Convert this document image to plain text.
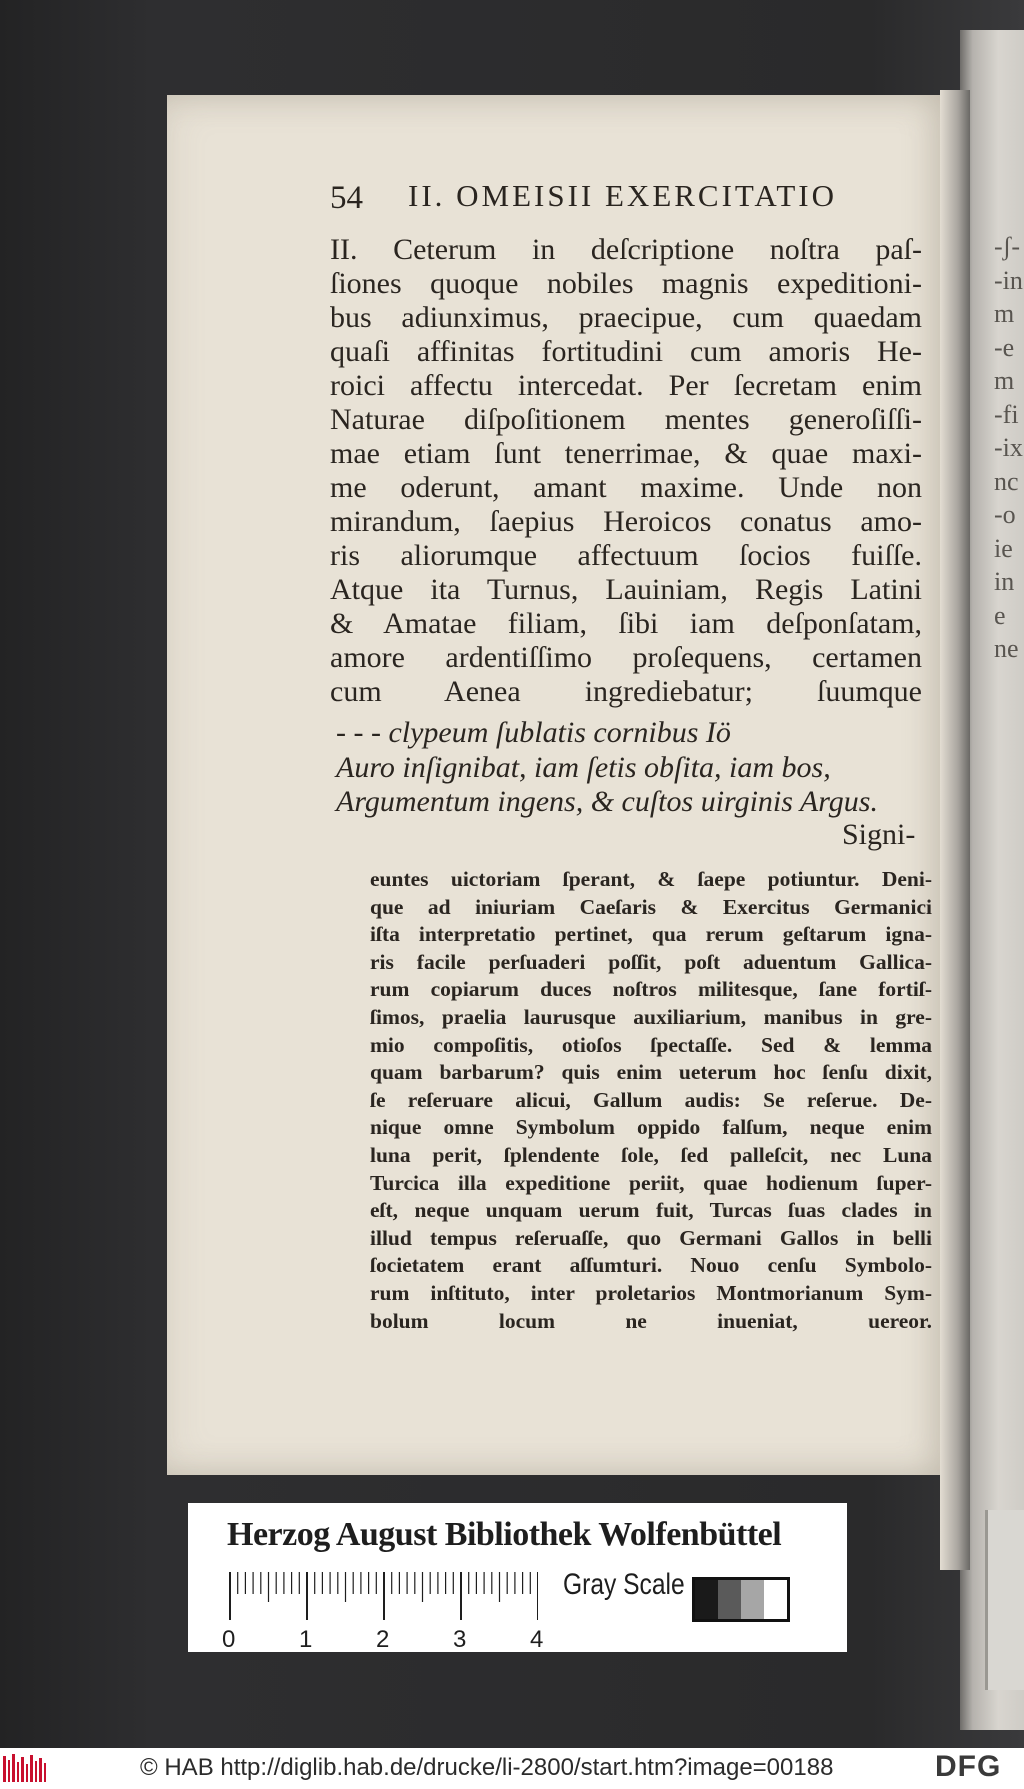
-ʃ-
-in
m
-e
m
-fi
-ix
nc
-o
ie
in
e
ne
54 II. OMEISII EXERCITATIO
II. Ceterum in deſcriptione noſtra paſ-
ſiones quoque nobiles magnis expeditioni-
bus adiunximus, praecipue, cum quaedam
quaſi affinitas fortitudini cum amoris He-
roici affectu intercedat. Per ſecretam enim
Naturae diſpoſitionem mentes generoſiſſi-
mae etiam ſunt tenerrimae, & quae maxi-
me oderunt, amant maxime. Unde non
mirandum, ſaepius Heroicos conatus amo-
ris aliorumque affectuum ſocios fuiſſe.
Atque ita Turnus, Lauiniam, Regis Latini
& Amatae filiam, ſibi iam deſponſatam,
amore ardentiſſimo proſequens, certamen
cum Aenea ingrediebatur; ſuumque
- - - clypeum ſublatis cornibus Iö
Auro inſignibat, iam ſetis obſita, iam bos,
Argumentum ingens, & cuſtos uirginis Argus.
Signi-
euntes uictoriam ſperant, & ſaepe potiuntur. Deni-
que ad iniuriam Caeſaris & Exercitus Germanici
iſta interpretatio pertinet, qua rerum geſtarum igna-
ris facile perſuaderi poſſit, poſt aduentum Gallica-
rum copiarum duces noſtros militesque, ſane fortiſ-
ſimos, praelia laurusque auxiliarium, manibus in gre-
mio compoſitis, otioſos ſpectaſſe. Sed & lemma
quam barbarum? quis enim ueterum hoc ſenſu dixit,
ſe reſeruare alicui, Gallum audis: Se reſerue. De-
nique omne Symbolum oppido falſum, neque enim
luna perit, ſplendente ſole, ſed palleſcit, nec Luna
Turcica illa expeditione periit, quae hodienum ſuper-
eſt, neque unquam uerum fuit, Turcas ſuas clades in
illud tempus reſeruaſſe, quo Germani Gallos in belli
ſocietatem erant aſſumturi. Nouo cenſu Symbolo-
rum inſtituto, inter proletarios Montmorianum Sym-
bolum locum ne inueniat, uereor.
Herzog August Bibliothek Wolfenbüttel
0	1	2	3	4
Gray Scale
© HAB http://diglib.hab.de/drucke/li-2800/start.htm?image=00188	DFG
